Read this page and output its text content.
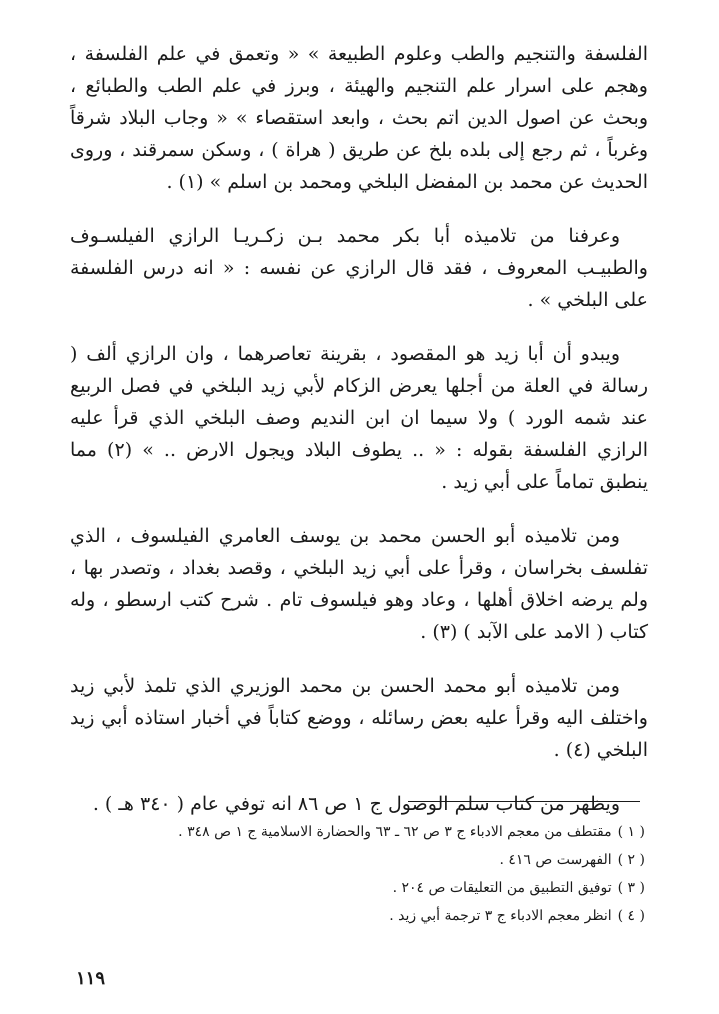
الفلسفة والتنجيم والطب وعلوم الطبيعة » « وتعمق في علم الفلسفة ، وهجم على اسرار علم التنجيم والهيئة ، وبرز في علم الطب والطبائع ، وبحث عن اصول الدين اتم بحث ، وابعد استقصاء » « وجاب البلاد شرقاً وغرباً ، ثم رجع إلى بلده بلخ عن طريق ( هراة ) ، وسكن سمرقند ، وروى الحديث عن محمد بن المفضل البلخي ومحمد بن اسلم » (١) .

وعرفنا من تلاميذه أبا بكر محمد بـن زكـريـا الرازي الفيلسـوف والطبيـب المعروف ، فقد قال الرازي عن نفسه : « انه درس الفلسفة على البلخي » .

ويبدو أن أبا زيد هو المقصود ، بقرينة تعاصرهما ، وان الرازي ألف ( رسالة في العلة من أجلها يعرض الزكام لأبي زيد البلخي في فصل الربيع عند شمه الورد ) ولا سيما ان ابن النديم وصف البلخي الذي قرأ عليه الرازي الفلسفة بقوله : « .. يطوف البلاد ويجول الارض .. » (٢) مما ينطبق تماماً على أبي زيد .

ومن تلاميذه أبو الحسن محمد بن يوسف العامري الفيلسوف ، الذي تفلسف بخراسان ، وقرأ على أبي زيد البلخي ، وقصد بغداد ، وتصدر بها ، ولم يرضه اخلاق أهلها ، وعاد وهو فيلسوف تام . شرح كتب ارسطو ، وله كتاب ( الامد على الآبد ) (٣) .

ومن تلاميذه أبو محمد الحسن بن محمد الوزيري الذي تلمذ لأبي زيد واختلف اليه وقرأ عليه بعض رسائله ، ووضع كتاباً في أخبار استاذه أبي زيد البلخي (٤) .

ويظهر من كتاب سلم الوصول ج ١ ص ٨٦ انه توفي عام ( ٣٤٠ هـ ) .

( ١ )مقتطف من معجم الادباء ج ٣ ص ٦٢ ـ ٦٣ والحضارة الاسلامية ج ١ ص ٣٤٨ .
( ٢ )الفهرست ص ٤١٦ .
( ٣ )توفيق التطبيق من التعليقات ص ٢٠٤ .
( ٤ )انظر معجم الادباء ج ٣ ترجمة أبي زيد .
١١٩
